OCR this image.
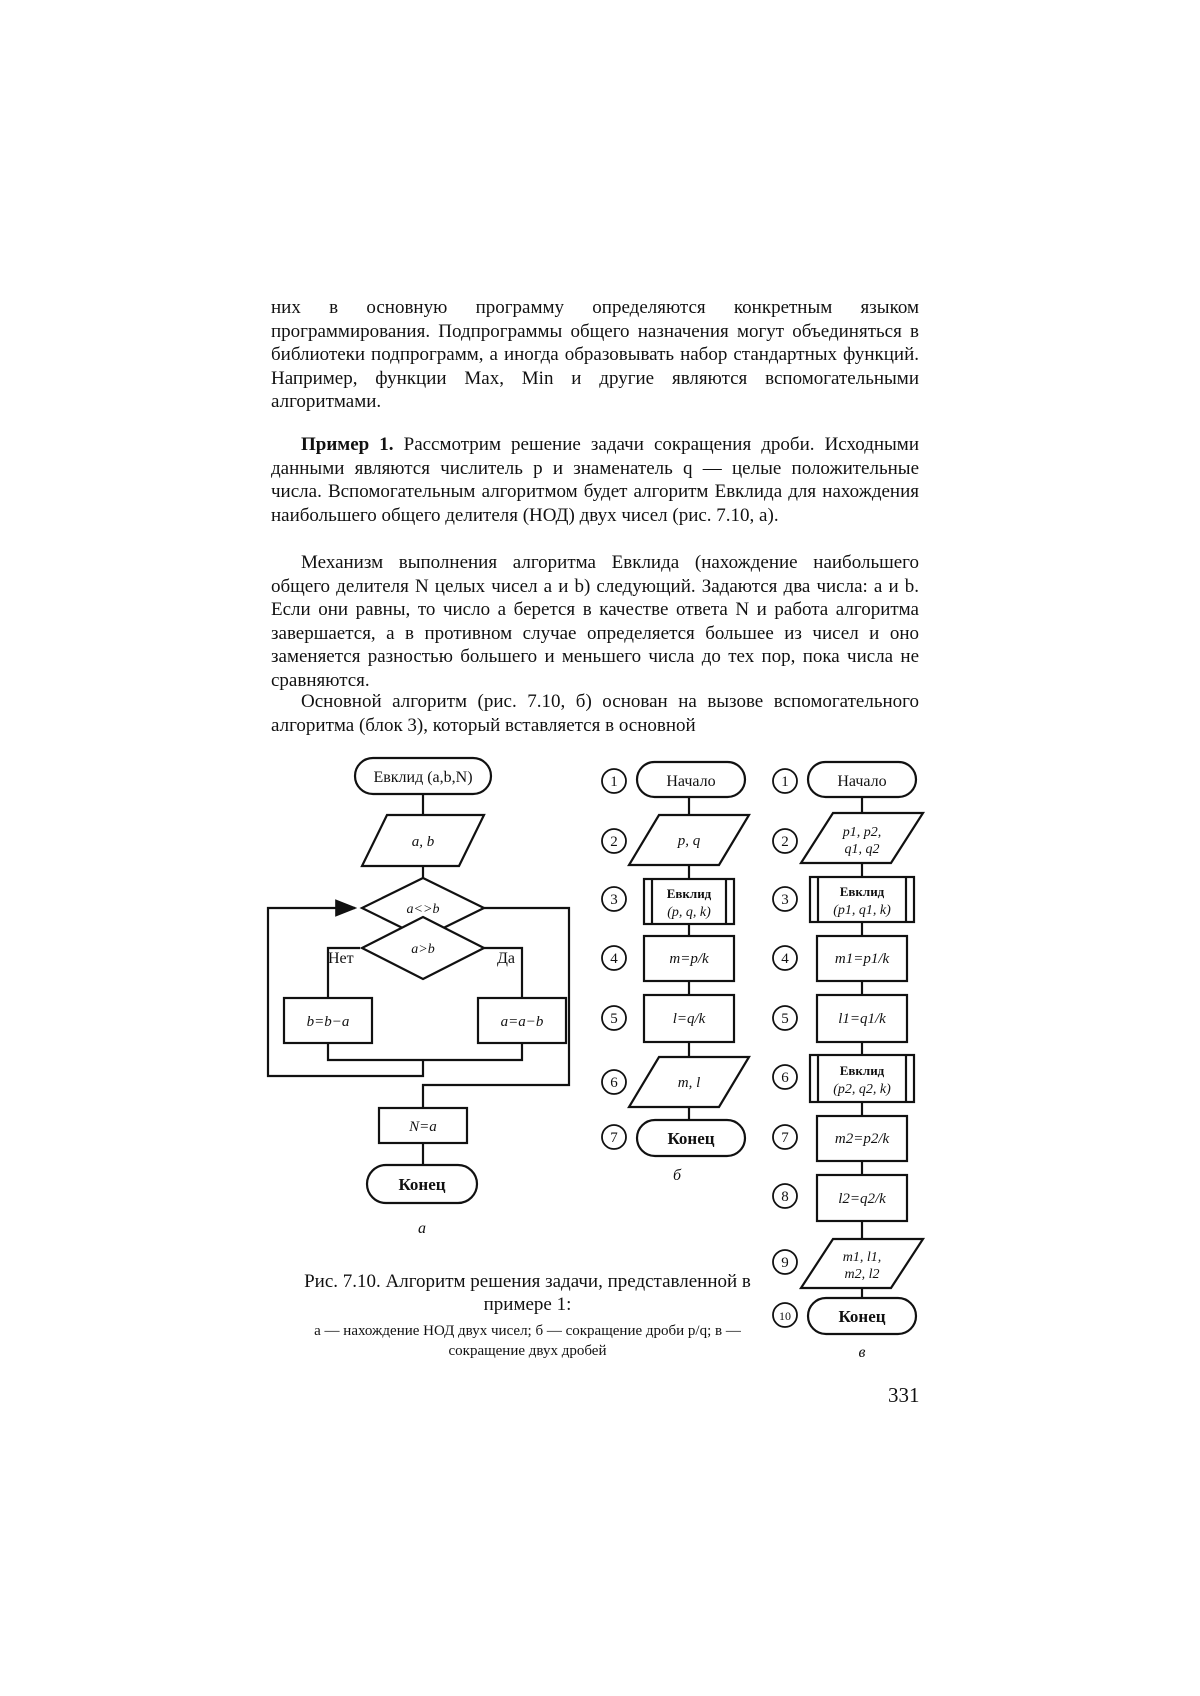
них в основную программу определяются конкретным языком программирования. Подпрограммы общего назначения могут объединяться в библиотеки подпрограмм, а иногда образовывать набор стандартных функций. Например, функции Max, Min и другие являются вспомогательными алгоритмами.

Пример 1. Рассмотрим решение задачи сокращения дроби. Исходными данными являются числитель p и знаменатель q — целые положительные числа. Вспомогательным алгоритмом будет алгоритм Евклида для нахождения наибольшего общего делителя (НОД) двух чисел (рис. 7.10, а).

Механизм выполнения алгоритма Евклида (нахождение наибольшего общего делителя N целых чисел a и b) следующий. Задаются два числа: a и b. Если они равны, то число a берется в качестве ответа N и работа алгоритма завершается, а в противном случае определяется большее из чисел и оно заменяется разностью большего и меньшего числа до тех пор, пока числа не сравняются.

Основной алгоритм (рис. 7.10, б) основан на вызове вспомогательного алгоритма (блок 3), который вставляется в основной

Евклид (a,b,N)
a, b
a<>b
a>b
Нет	Да
b=b−a	a=a−b
N=a
Конец
а
Начало
p, q
Евклид
(p, q, k)
m=p/k
l=q/k
m, l
Конец
б
1
2
3
4
5
6
7
Начало
p1, p2,
q1, q2
Евклид
(p1, q1, k)
m1=p1/k
l1=q1/k
Евклид
(p2, q2, k)
m2=p2/k
l2=q2/k
m1, l1,
m2, l2
Конец
в
1
2
3
4
5
6
7
8
9
10

Рис. 7.10. Алгоритм решения задачи, представленной в примере 1:

а — нахождение НОД двух чисел; б — сокращение дроби p/q; в — сокращение двух дробей

331
